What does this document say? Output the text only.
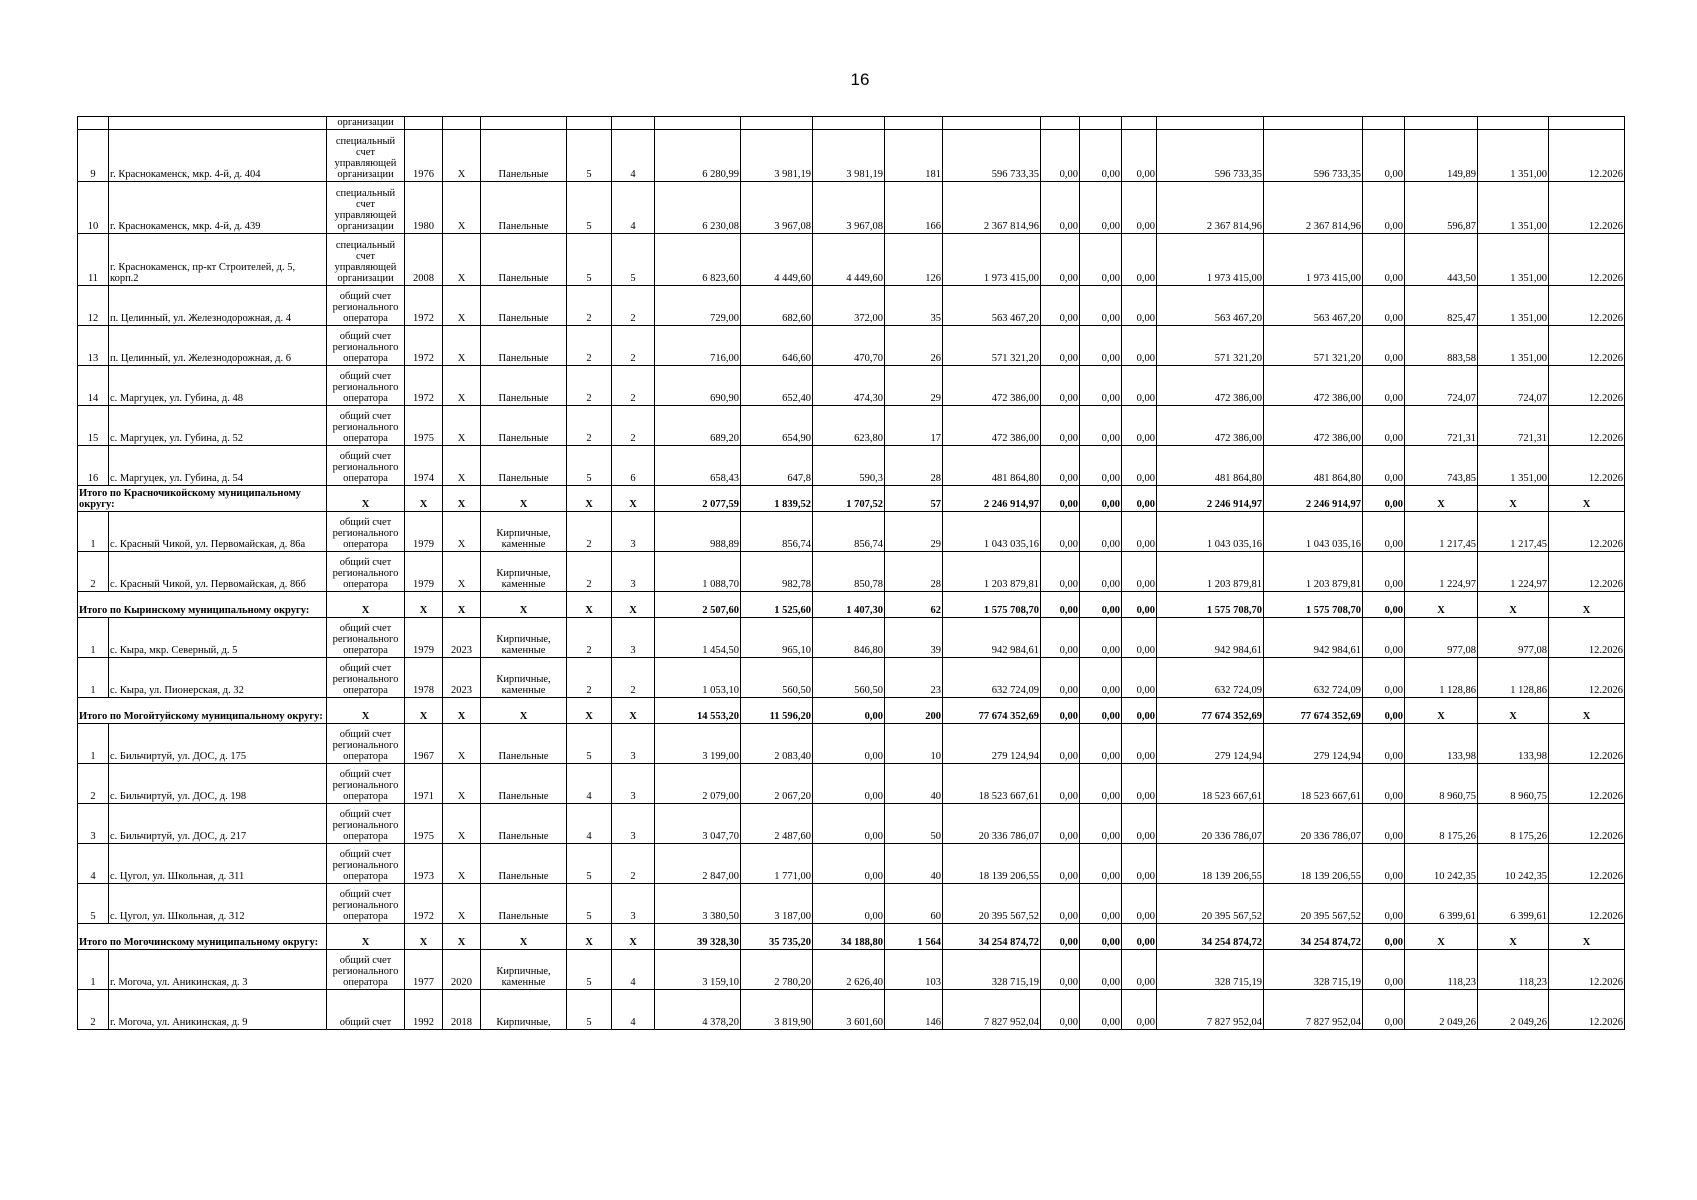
16
		организации																			
9	г. Краснокаменск, мкр. 4-й, д. 404	специальный счет управляющей организации	1976	Х	Панельные	5	4	6 280,99	3 981,19	3 981,19	181	596 733,35	0,00	0,00	0,00	596 733,35	596 733,35	0,00	149,89	1 351,00	12.2026
10	г. Краснокаменск, мкр. 4-й, д. 439	специальный счет управляющей организации	1980	Х	Панельные	5	4	6 230,08	3 967,08	3 967,08	166	2 367 814,96	0,00	0,00	0,00	2 367 814,96	2 367 814,96	0,00	596,87	1 351,00	12.2026
11	г. Краснокаменск, пр-кт Строителей, д. 5, корп.2	специальный счет управляющей организации	2008	Х	Панельные	5	5	6 823,60	4 449,60	4 449,60	126	1 973 415,00	0,00	0,00	0,00	1 973 415,00	1 973 415,00	0,00	443,50	1 351,00	12.2026
12	п. Целинный, ул. Железнодорожная, д. 4	общий счет регионального оператора	1972	Х	Панельные	2	2	729,00	682,60	372,00	35	563 467,20	0,00	0,00	0,00	563 467,20	563 467,20	0,00	825,47	1 351,00	12.2026
13	п. Целинный, ул. Железнодорожная, д. 6	общий счет регионального оператора	1972	Х	Панельные	2	2	716,00	646,60	470,70	26	571 321,20	0,00	0,00	0,00	571 321,20	571 321,20	0,00	883,58	1 351,00	12.2026
14	с. Маргуцек, ул. Губина, д. 48	общий счет регионального оператора	1972	Х	Панельные	2	2	690,90	652,40	474,30	29	472 386,00	0,00	0,00	0,00	472 386,00	472 386,00	0,00	724,07	724,07	12.2026
15	с. Маргуцек, ул. Губина, д. 52	общий счет регионального оператора	1975	Х	Панельные	2	2	689,20	654,90	623,80	17	472 386,00	0,00	0,00	0,00	472 386,00	472 386,00	0,00	721,31	721,31	12.2026
16	с. Маргуцек, ул. Губина, д. 54	общий счет регионального оператора	1974	Х	Панельные	5	6	658,43	647,8	590,3	28	481 864,80	0,00	0,00	0,00	481 864,80	481 864,80	0,00	743,85	1 351,00	12.2026
Итого по Красночикойскому муниципальному округу:		Х	Х	Х	Х	Х	Х	2 077,59	1 839,52	1 707,52	57	2 246 914,97	0,00	0,00	0,00	2 246 914,97	2 246 914,97	0,00	Х	Х	Х
1	с. Красный Чикой, ул. Первомайская, д. 86а	общий счет регионального оператора	1979	Х	Кирпичные, каменные	2	3	988,89	856,74	856,74	29	1 043 035,16	0,00	0,00	0,00	1 043 035,16	1 043 035,16	0,00	1 217,45	1 217,45	12.2026
2	с. Красный Чикой, ул. Первомайская, д. 86б	общий счет регионального оператора	1979	Х	Кирпичные, каменные	2	3	1 088,70	982,78	850,78	28	1 203 879,81	0,00	0,00	0,00	1 203 879,81	1 203 879,81	0,00	1 224,97	1 224,97	12.2026
Итого по Кыринскому муниципальному округу:		Х	Х	Х	Х	Х	Х	2 507,60	1 525,60	1 407,30	62	1 575 708,70	0,00	0,00	0,00	1 575 708,70	1 575 708,70	0,00	Х	Х	Х
1	с. Кыра, мкр. Северный, д. 5	общий счет регионального оператора	1979	2023	Кирпичные, каменные	2	3	1 454,50	965,10	846,80	39	942 984,61	0,00	0,00	0,00	942 984,61	942 984,61	0,00	977,08	977,08	12.2026
1	с. Кыра, ул. Пионерская, д. 32	общий счет регионального оператора	1978	2023	Кирпичные, каменные	2	2	1 053,10	560,50	560,50	23	632 724,09	0,00	0,00	0,00	632 724,09	632 724,09	0,00	1 128,86	1 128,86	12.2026
Итого по Могойтуйскому муниципальному округу:		Х	Х	Х	Х	Х	Х	14 553,20	11 596,20	0,00	200	77 674 352,69	0,00	0,00	0,00	77 674 352,69	77 674 352,69	0,00	Х	Х	Х
1	с. Бильчиртуй, ул. ДОС, д. 175	общий счет регионального оператора	1967	Х	Панельные	5	3	3 199,00	2 083,40	0,00	10	279 124,94	0,00	0,00	0,00	279 124,94	279 124,94	0,00	133,98	133,98	12.2026
2	с. Бильчиртуй, ул. ДОС, д. 198	общий счет регионального оператора	1971	Х	Панельные	4	3	2 079,00	2 067,20	0,00	40	18 523 667,61	0,00	0,00	0,00	18 523 667,61	18 523 667,61	0,00	8 960,75	8 960,75	12.2026
3	с. Бильчиртуй, ул. ДОС, д. 217	общий счет регионального оператора	1975	Х	Панельные	4	3	3 047,70	2 487,60	0,00	50	20 336 786,07	0,00	0,00	0,00	20 336 786,07	20 336 786,07	0,00	8 175,26	8 175,26	12.2026
4	с. Цугол, ул. Школьная, д. 311	общий счет регионального оператора	1973	Х	Панельные	5	2	2 847,00	1 771,00	0,00	40	18 139 206,55	0,00	0,00	0,00	18 139 206,55	18 139 206,55	0,00	10 242,35	10 242,35	12.2026
5	с. Цугол, ул. Школьная, д. 312	общий счет регионального оператора	1972	Х	Панельные	5	3	3 380,50	3 187,00	0,00	60	20 395 567,52	0,00	0,00	0,00	20 395 567,52	20 395 567,52	0,00	6 399,61	6 399,61	12.2026
Итого по Могочинскому муниципальному округу:		Х	Х	Х	Х	Х	Х	39 328,30	35 735,20	34 188,80	1 564	34 254 874,72	0,00	0,00	0,00	34 254 874,72	34 254 874,72	0,00	Х	Х	Х
1	г. Могоча, ул. Аникинская, д. 3	общий счет регионального оператора	1977	2020	Кирпичные, каменные	5	4	3 159,10	2 780,20	2 626,40	103	328 715,19	0,00	0,00	0,00	328 715,19	328 715,19	0,00	118,23	118,23	12.2026
2	г. Могоча, ул. Аникинская, д. 9	общий счет	1992	2018	Кирпичные,	5	4	4 378,20	3 819,90	3 601,60	146	7 827 952,04	0,00	0,00	0,00	7 827 952,04	7 827 952,04	0,00	2 049,26	2 049,26	12.2026
